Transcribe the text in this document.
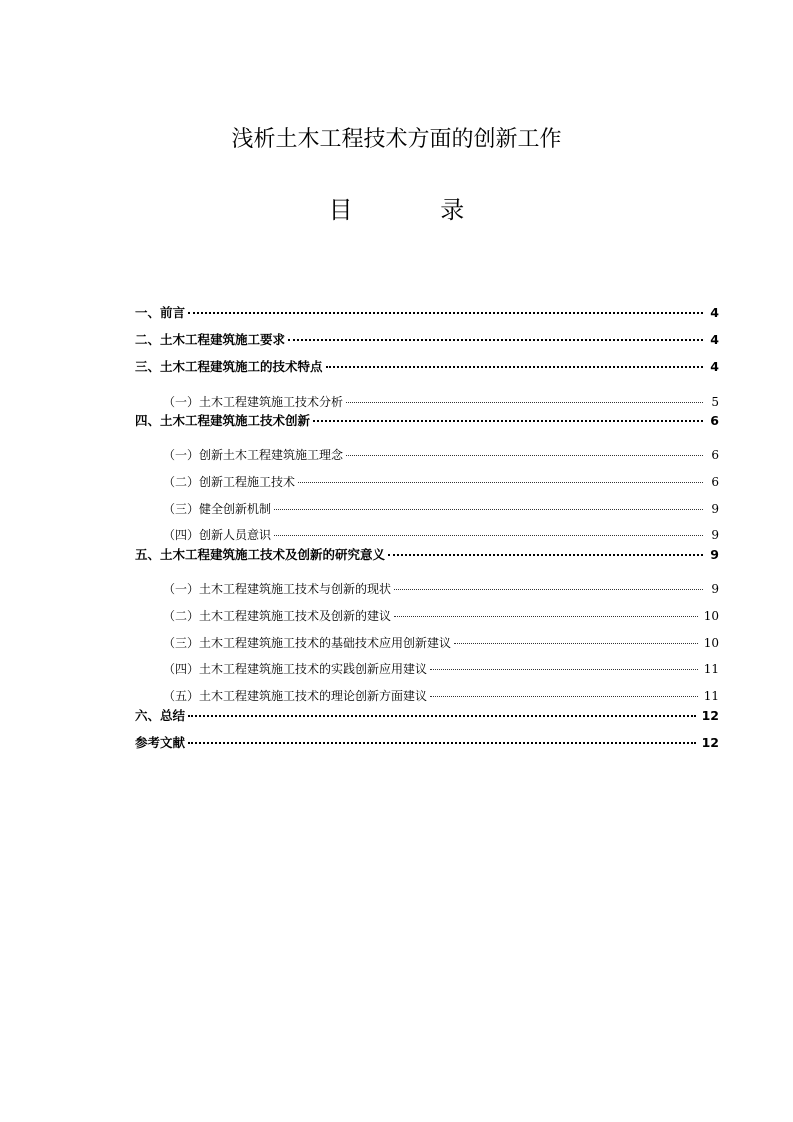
浅析土木工程技术方面的创新工作
目 录
一、前言	4
二、土木工程建筑施工要求	4
三、土木工程建筑施工的技术特点	4
（一）土木工程建筑施工技术分析	5
四、土木工程建筑施工技术创新	6
（一）创新土木工程建筑施工理念	6
（二）创新工程施工技术	6
（三）健全创新机制	9
（四）创新人员意识	9
五、土木工程建筑施工技术及创新的研究意义	9
（一）土木工程建筑施工技术与创新的现状	9
（二）土木工程建筑施工技术及创新的建议	10
（三）土木工程建筑施工技术的基础技术应用创新建议	10
（四）土木工程建筑施工技术的实践创新应用建议	11
（五）土木工程建筑施工技术的理论创新方面建议	11
六、总结	12
参考文献	12
